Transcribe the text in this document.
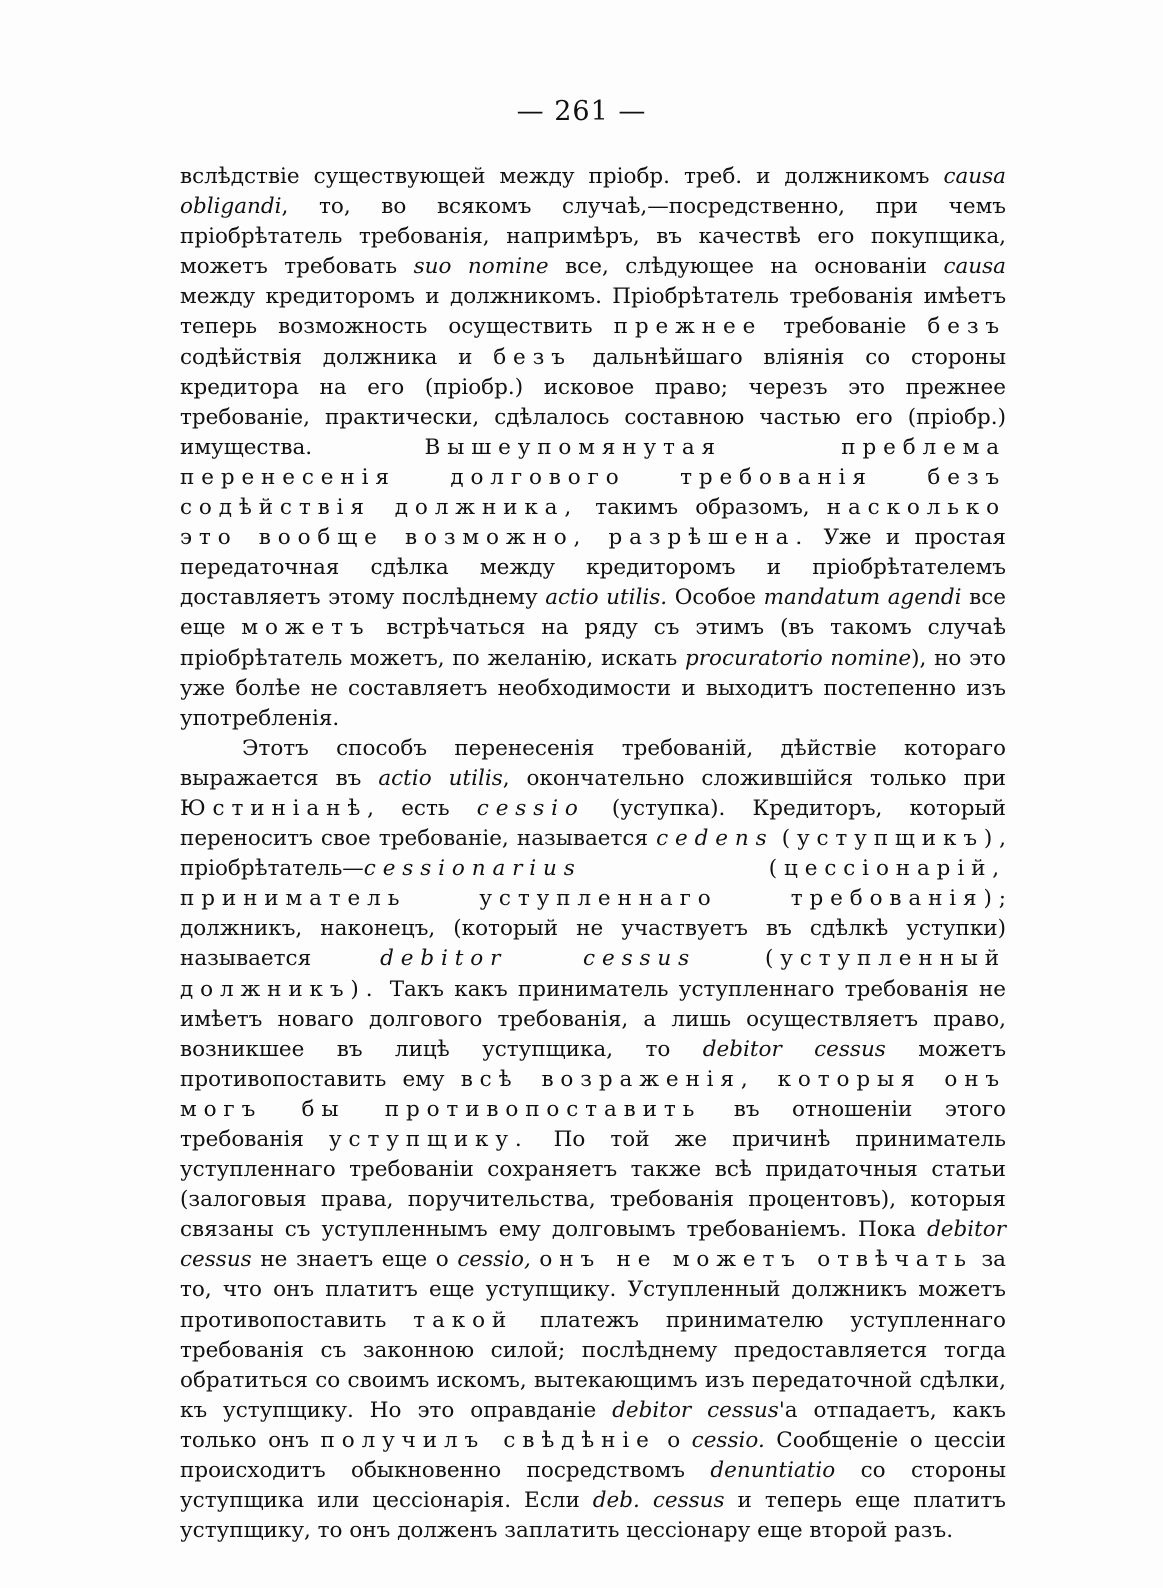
— 261 —

вслѣдствіе существующей между пріобр. треб. и должникомъ causa obligandi, то, во всякомъ случаѣ,—посредственно, при чемъ пріобрѣтатель требованія, напримѣръ, въ качествѣ его покупщика, можетъ требовать suo nomine все, слѣдующее на основаніи causa между кредиторомъ и должникомъ. Пріобрѣтатель требованія имѣетъ теперь возможность осуществить прежнее требованіе безъ содѣйствія должника и безъ дальнѣйшаго вліянія со стороны кредитора на его (пріобр.) исковое право; черезъ это прежнее требованіе, практически, сдѣлалось составною частью его (пріобр.) имущества. Вышеупомянутая преблема перенесенія долгового требованія безъ содѣйствія должника, такимъ образомъ, насколько это вообще возможно, разрѣшена. Уже и простая передаточная сдѣлка между кредиторомъ и пріобрѣтателемъ доставляетъ этому послѣднему actio utilis. Особое mandatum agendi все еще можетъ встрѣчаться на ряду съ этимъ (въ такомъ случаѣ пріобрѣтатель можетъ, по желанію, искать procuratorio nomine), но это уже болѣе не составляетъ необходимости и выходитъ постепенно изъ употребленія.

Этотъ способъ перенесенія требованій, дѣйствіе котораго выражается въ actio utilis, окончательно сложившійся только при Юстиніанѣ, есть cessio (уступка). Кредиторъ, который переноситъ свое требованіе, называется cedens (уступщикъ), пріобрѣтатель—cessionarius	(цессіонарій, приниматель уступленнаго требованія); должникъ, наконецъ, (который не участвуетъ въ сдѣлкѣ уступки) называется debitor cessus	(уступленный должникъ). Такъ какъ приниматель уступленнаго требованія не имѣетъ новаго долгового требованія, а лишь осуществляетъ право, возникшее въ лицѣ уступщика, то debitor cessus можетъ противопоставить ему всѣ возраженія, которыя онъ могъ бы противопоставить въ отношеніи этого требованія уступщику. По той же причинѣ приниматель уступленнаго требованіи сохраняетъ также всѣ придаточныя статьи (залоговыя права, поручительства, требованія процентовъ), которыя связаны съ уступленнымъ ему долговымъ требованіемъ. Пока debitor cessus не знаетъ еще о cessio, онъ не можетъ отвѣчать за то, что онъ платитъ еще уступщику. Уступленный должникъ можетъ противопоставить такой платежъ принимателю уступленнаго требованія съ законною силой; послѣднему предоставляется тогда обратиться со своимъ искомъ, вытекающимъ изъ передаточной сдѣлки, къ уступщику. Но это оправданіе debitor cessus'а отпадаетъ, какъ только онъ получилъ свѣдѣніе о cessio. Сообщеніе о цессіи происходитъ обыкновенно посредствомъ denuntiatio со стороны уступщика или цессіонарія. Если deb. cessus и теперь еще платитъ уступщику, то онъ долженъ заплатить цессіонару еще второй разъ.
